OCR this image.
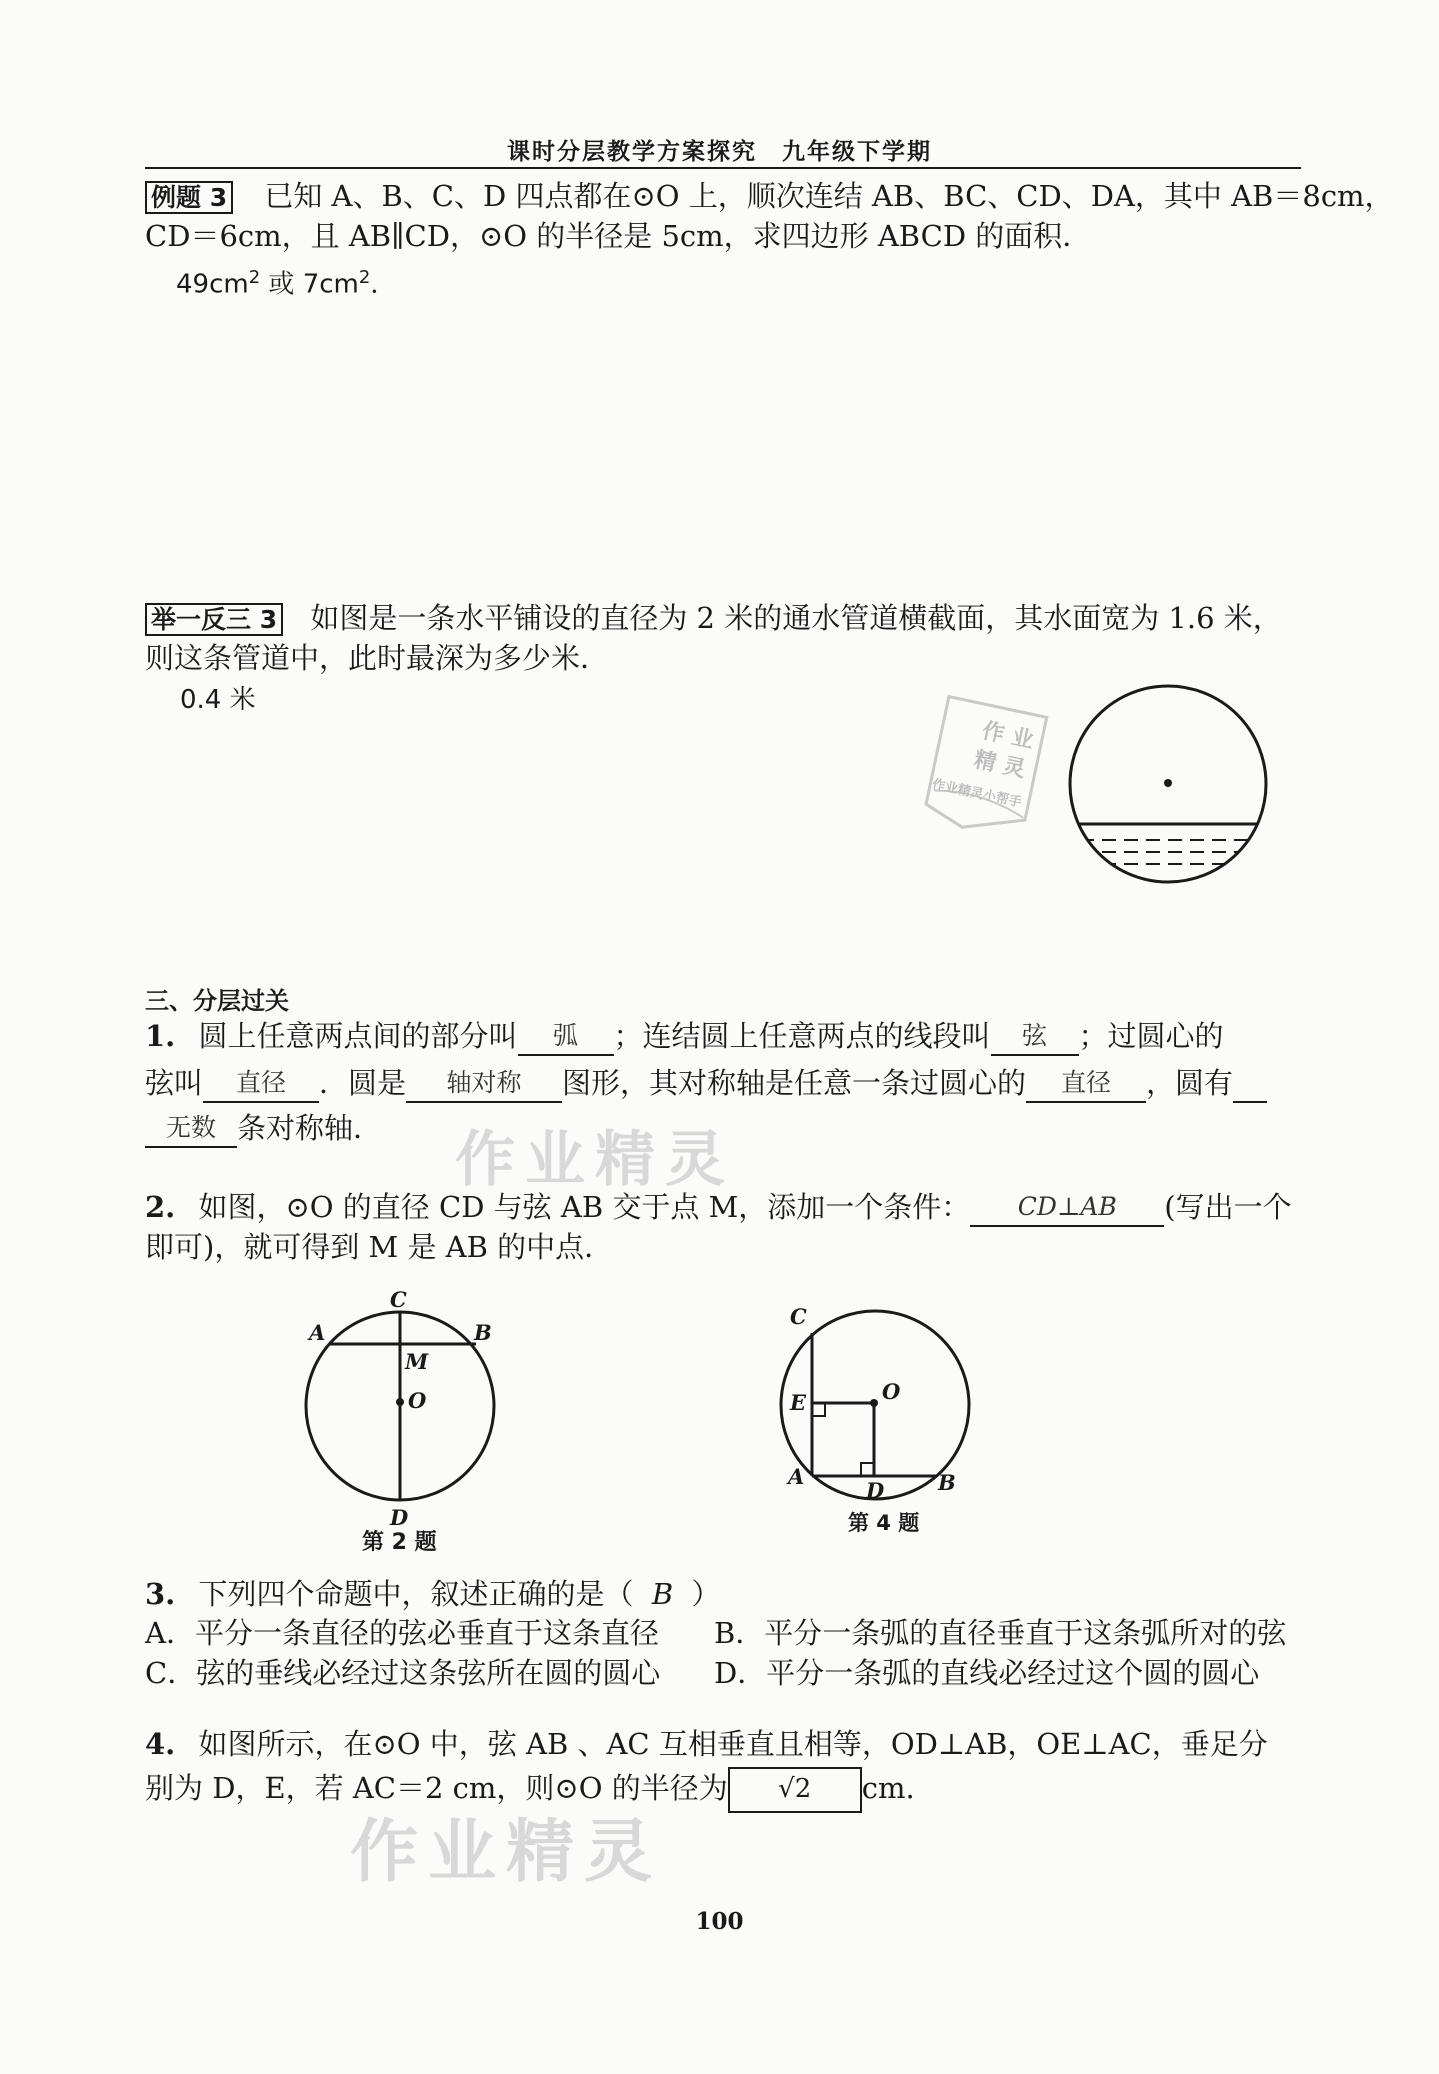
课时分层教学方案探究　九年级下学期
例题 3 已知 A、B、C、D 四点都在⊙O 上，顺次连结 AB、BC、CD、DA，其中 AB＝8cm，
CD＝6cm，且 AB∥CD，⊙O 的半径是 5cm，求四边形 ABCD 的面积．
$49cm^2$ 或 $7cm^2$．
举一反三 3 如图是一条水平铺设的直径为 2 米的通水管道横截面，其水面宽为 1.6 米，
则这条管道中，此时最深为多少米．
0.4 米
作 业
精 灵
作业精灵小帮手
三、分层过关
1. 圆上任意两点间的部分叫 弧 ；连结圆上任意两点的线段叫 弦 ；过圆心的
弦叫 直径 ．圆是 轴对称 图形，其对称轴是任意一条过圆心的 直径 ，圆有
无数 条对称轴．
2. 如图，⊙O 的直径 CD 与弦 AB 交于点 M，添加一个条件： CD⊥AB (写出一个
即可)，就可得到 M 是 AB 的中点．
C
A	B
M
O
D
第 2 题
C
E	O
A
D	B
第 4 题
3. 下列四个命题中，叙述正确的是（ B ）
A．平分一条直径的弦必垂直于这条直径 B．平分一条弧的直径垂直于这条弧所对的弦
C．弦的垂线必经过这条弦所在圆的圆心 D．平分一条弧的直线必经过这个圆的圆心
4. 如图所示，在⊙O 中，弦 AB 、AC 互相垂直且相等，OD⊥AB，OE⊥AC，垂足分
别为 D，E，若 AC＝2 cm，则⊙O 的半径为 √2 cm.
作业精灵
作业精灵
100
